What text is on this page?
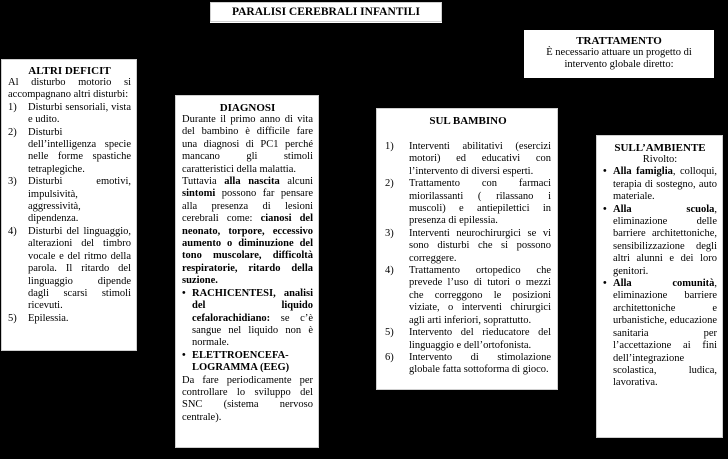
PARALISI CEREBRALI INFANTILI
TRATTAMENTO
È necessario attuare un progetto di intervento globale diretto:
ALTRI DEFICIT
Al disturbo motorio si accompagnano altri disturbi:
1)	Disturbi sensoriali, vista e udito.
2)	Disturbi dell’intelligenza specie nelle forme spastiche tetraplegiche.
3)	Disturbi emotivi, impulsività, aggressività, dipendenza.
4)	Disturbi del linguaggio, alterazioni del timbro vocale e del ritmo della parola. Il ritardo del linguaggio dipende dagli scarsi stimoli ricevuti.
5)	Epilessia.
DIAGNOSI
Durante il primo anno di vita del bambino è difficile fare una diagnosi di PC1 perché mancano gli stimoli caratteristici della malattia.
Tuttavia alla nascita alcuni sintomi possono far pensare alla presenza di lesioni cerebrali come: cianosi del neonato, torpore, eccessivo aumento o diminuzione del tono muscolare, difficoltà respiratorie, ritardo della suzione.
• RACHICENTESI, analisi del liquido cefalorachidiano: se c’è sangue nel liquido non è normale.
• ELETTROENCEFA-LOGRAMMA (EEG)
Da fare periodicamente per controllare lo sviluppo del SNC (sistema nervoso centrale).
SUL BAMBINO
1)	Interventi abilitativi (esercizi motori) ed educativi con l’intervento di diversi esperti.
2)	Trattamento con farmaci miorilassanti ( rilassano i muscoli) e antiepilettici in presenza di epilessia.
3)	Interventi neurochirurgici se vi sono disturbi che si possono correggere.
4)	Trattamento ortopedico che prevede l’uso di tutori o mezzi che correggono le posizioni viziate, o interventi chirurgici agli arti inferiori, soprattutto.
5)	Intervento del rieducatore del linguaggio e dell’ortofonista.
6)	Intervento di stimolazione globale fatta sottoforma di gioco.
SULL’AMBIENTE
Rivolto:
• Alla famiglia, colloqui, terapia di sostegno, auto materiale.
• Alla scuola, eliminazione delle barriere architettoniche, sensibilizzazione degli altri alunni e dei loro genitori.
• Alla comunità, eliminazione barriere architettoniche e urbanistiche, educazione sanitaria per l’accettazione ai fini dell’integrazione scolastica, ludica, lavorativa.
